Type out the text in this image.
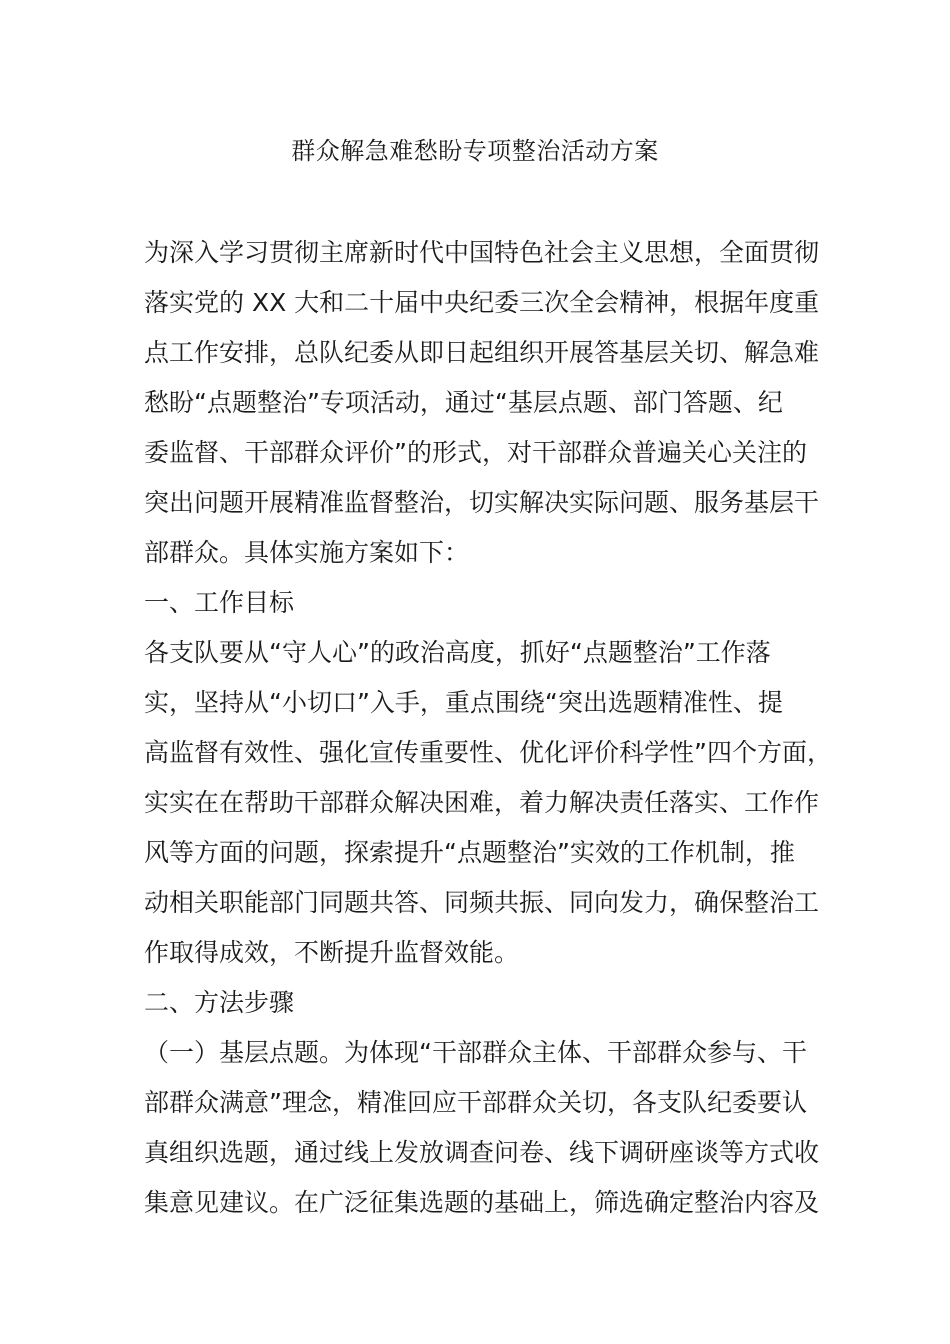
群众解急难愁盼专项整治活动方案
为深入学习贯彻主席新时代中国特色社会主义思想，全面贯彻
落实党的 XX 大和二十届中央纪委三次全会精神，根据年度重
点工作安排，总队纪委从即日起组织开展答基层关切、解急难
愁盼“点题整治”专项活动，通过“基层点题、部门答题、纪
委监督、干部群众评价”的形式，对干部群众普遍关心关注的
突出问题开展精准监督整治，切实解决实际问题、服务基层干
部群众。具体实施方案如下：
一、工作目标
各支队要从“守人心”的政治高度，抓好“点题整治”工作落
实，坚持从“小切口”入手，重点围绕“突出选题精准性、提
高监督有效性、强化宣传重要性、优化评价科学性”四个方面，
实实在在帮助干部群众解决困难，着力解决责任落实、工作作
风等方面的问题，探索提升“点题整治”实效的工作机制，推
动相关职能部门同题共答、同频共振、同向发力，确保整治工
作取得成效，不断提升监督效能。
二、方法步骤
（一）基层点题。为体现“干部群众主体、干部群众参与、干
部群众满意”理念，精准回应干部群众关切，各支队纪委要认
真组织选题，通过线上发放调查问卷、线下调研座谈等方式收
集意见建议。在广泛征集选题的基础上，筛选确定整治内容及
